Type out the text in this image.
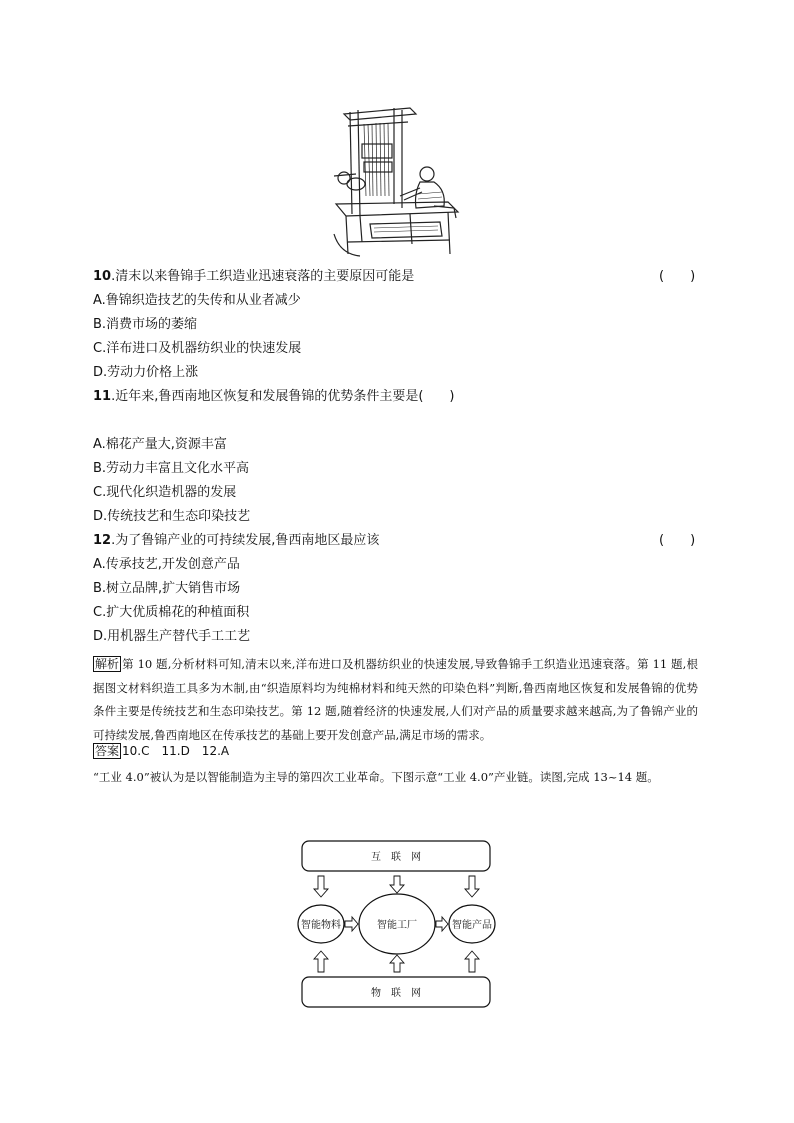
10.清末以来鲁锦手工织造业迅速衰落的主要原因可能是	(　　)
A.鲁锦织造技艺的失传和从业者减少
B.消费市场的萎缩
C.洋布进口及机器纺织业的快速发展
D.劳动力价格上涨
11.近年来,鲁西南地区恢复和发展鲁锦的优势条件主要是(　　)
A.棉花产量大,资源丰富
B.劳动力丰富且文化水平高
C.现代化织造机器的发展
D.传统技艺和生态印染技艺
12.为了鲁锦产业的可持续发展,鲁西南地区最应该	(　　)
A.传承技艺,开发创意产品
B.树立品牌,扩大销售市场
C.扩大优质棉花的种植面积
D.用机器生产替代手工工艺
解析 第 10 题,分析材料可知,清末以来,洋布进口及机器纺织业的快速发展,导致鲁锦手工织造业迅速衰落。第 11 题,根据图文材料织造工具多为木制,由“织造原料均为纯棉材料和纯天然的印染色料”判断,鲁西南地区恢复和发展鲁锦的优势条件主要是传统技艺和生态印染技艺。第 12 题,随着经济的快速发展,人们对产品的质量要求越来越高,为了鲁锦产业的可持续发展,鲁西南地区在传承技艺的基础上要开发创意产品,满足市场的需求。
答案 10.C　11.D　12.A
“工业 4.0”被认为是以智能制造为主导的第四次工业革命。下图示意“工业 4.0”产业链。读图,完成 13~14 题。
互　联　网
物　联　网
智能物料	智能工厂	智能产品
